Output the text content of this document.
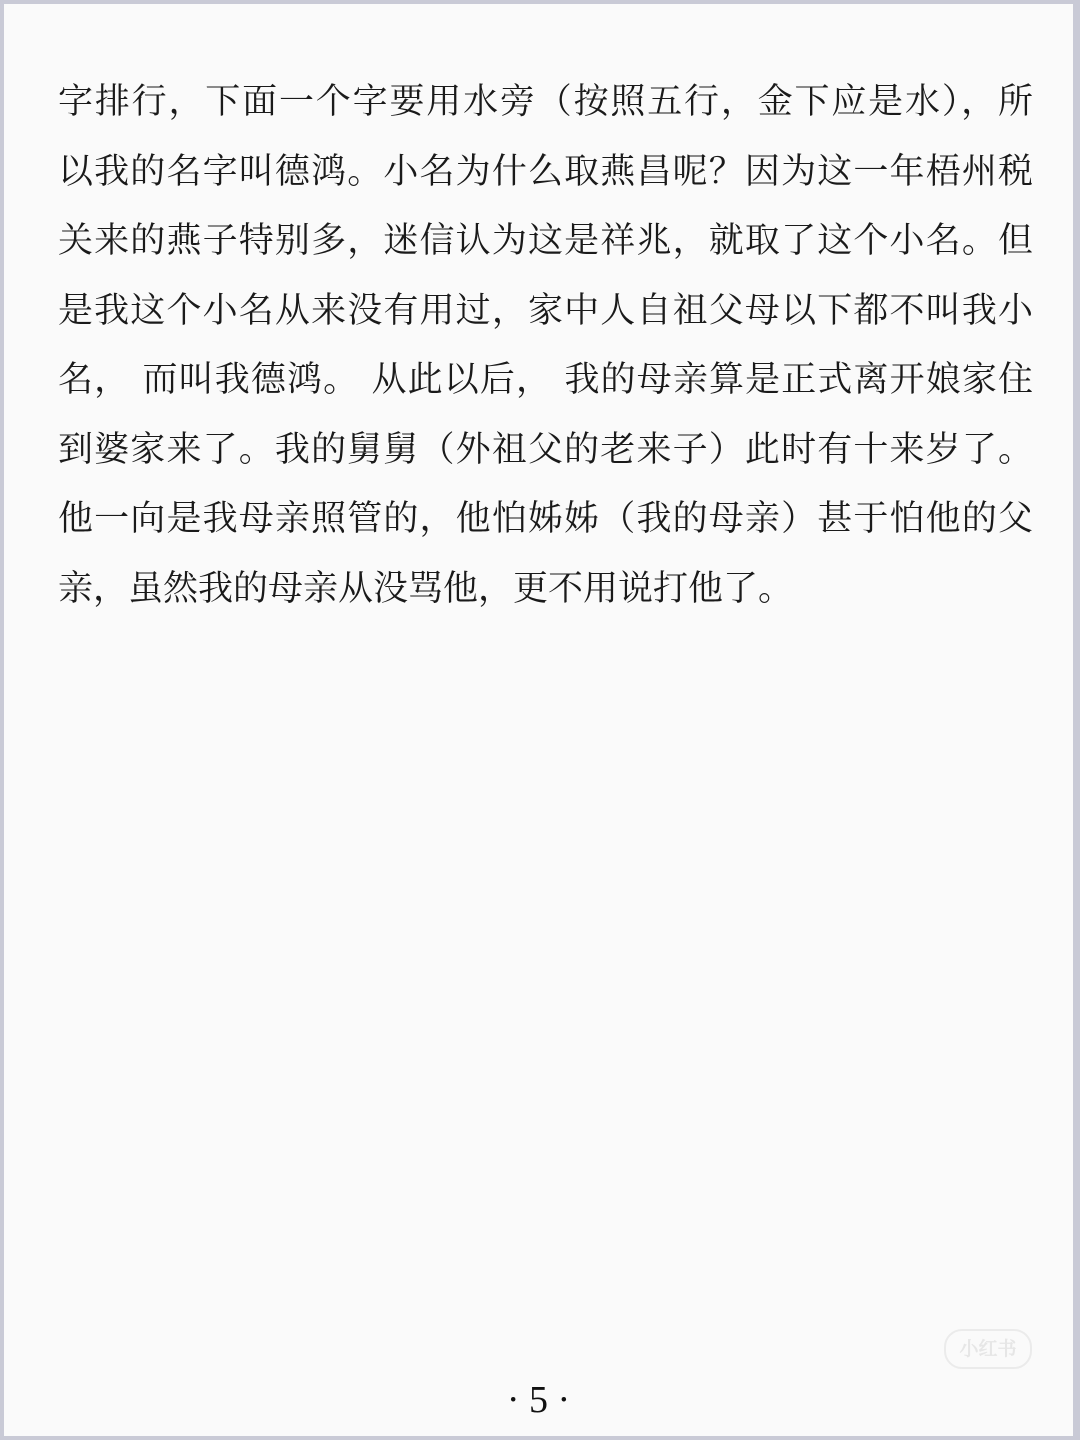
字排行，下面一个字要用水旁（按照五行，金下应是水），所
以我的名字叫德鸿。小名为什么取燕昌呢？因为这一年梧州税
关来的燕子特别多，迷信认为这是祥兆，就取了这个小名。但
是我这个小名从来没有用过，家中人自祖父母以下都不叫我小
名， 而叫我德鸿。 从此以后， 我的母亲算是正式离开娘家住
到婆家来了。我的舅舅（外祖父的老来子）此时有十来岁了。
他一向是我母亲照管的，他怕姊姊（我的母亲）甚于怕他的父
亲，虽然我的母亲从没骂他，更不用说打他了。
小红书
· 5 ·
